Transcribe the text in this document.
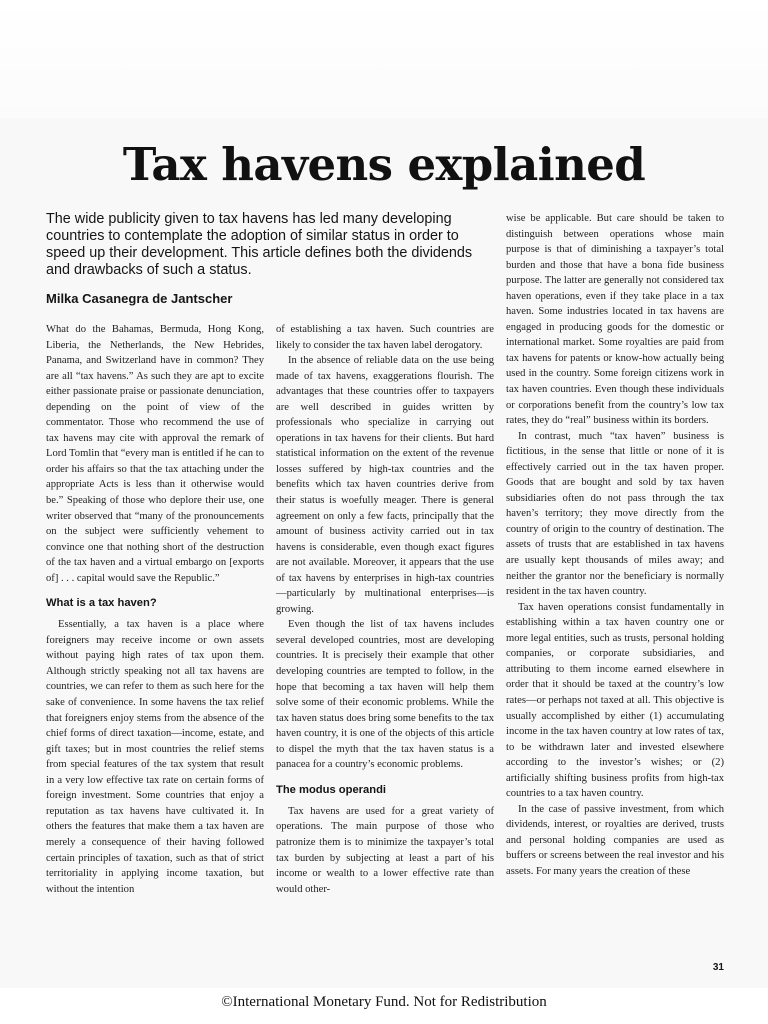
Tax havens explained
The wide publicity given to tax havens has led many developing countries to contemplate the adoption of similar status in order to speed up their development. This article defines both the dividends and drawbacks of such a status.
Milka Casanegra de Jantscher

What do the Bahamas, Bermuda, Hong Kong, Liberia, the Netherlands, the New Hebrides, Panama, and Switzerland have in common? They are all “tax havens.” As such they are apt to excite either passionate praise or passionate denunciation, depending on the point of view of the commentator. Those who recommend the use of tax havens may cite with approval the remark of Lord Tomlin that “every man is entitled if he can to order his affairs so that the tax attaching under the appropriate Acts is less than it otherwise would be.” Speaking of those who deplore their use, one writer observed that “many of the pronouncements on the subject were sufficiently vehement to convince one that nothing short of the destruction of the tax haven and a virtual embargo on [exports of] . . . capital would save the Republic.”

What is a tax haven?

Essentially, a tax haven is a place where foreigners may receive income or own assets without paying high rates of tax upon them. Although strictly speaking not all tax havens are countries, we can refer to them as such here for the sake of convenience. In some havens the tax relief that foreigners enjoy stems from the absence of the chief forms of direct taxation—income, estate, and gift taxes; but in most countries the relief stems from special features of the tax system that result in a very low effective tax rate on certain forms of foreign investment. Some countries that enjoy a reputation as tax havens have cultivated it. In others the features that make them a tax haven are merely a consequence of their having followed certain principles of taxation, such as that of strict territoriality in applying income taxation, but without the intention

of establishing a tax haven. Such countries are likely to consider the tax haven label derogatory.

In the absence of reliable data on the use being made of tax havens, exaggerations flourish. The advantages that these countries offer to taxpayers are well described in guides written by professionals who specialize in carrying out operations in tax havens for their clients. But hard statistical information on the extent of the revenue losses suffered by high-tax countries and the benefits which tax haven countries derive from their status is woefully meager. There is general agreement on only a few facts, principally that the amount of business activity carried out in tax havens is considerable, even though exact figures are not available. Moreover, it appears that the use of tax havens by enterprises in high-tax countries—particularly by multinational enterprises—is growing.

Even though the list of tax havens includes several developed countries, most are developing countries. It is precisely their example that other developing countries are tempted to follow, in the hope that becoming a tax haven will help them solve some of their economic problems. While the tax haven status does bring some benefits to the tax haven country, it is one of the objects of this article to dispel the myth that the tax haven status is a panacea for a country’s economic problems.

The modus operandi

Tax havens are used for a great variety of operations. The main purpose of those who patronize them is to minimize the taxpayer’s total tax burden by subjecting at least a part of his income or wealth to a lower effective rate than would other-

wise be applicable. But care should be taken to distinguish between operations whose main purpose is that of diminishing a taxpayer’s total burden and those that have a bona fide business purpose. The latter are generally not considered tax haven operations, even if they take place in a tax haven. Some industries located in tax havens are engaged in producing goods for the domestic or international market. Some royalties are paid from tax havens for patents or know-how actually being used in the country. Some foreign citizens work in tax haven countries. Even though these individuals or corporations benefit from the country’s low tax rates, they do “real” business within its borders.

In contrast, much “tax haven” business is fictitious, in the sense that little or none of it is effectively carried out in the tax haven proper. Goods that are bought and sold by tax haven subsidiaries often do not pass through the tax haven’s territory; they move directly from the country of origin to the country of destination. The assets of trusts that are established in tax havens are usually kept thousands of miles away; and neither the grantor nor the beneficiary is normally resident in the tax haven country.

Tax haven operations consist fundamentally in establishing within a tax haven country one or more legal entities, such as trusts, personal holding companies, or corporate subsidiaries, and attributing to them income earned elsewhere in order that it should be taxed at the country’s low rates—or perhaps not taxed at all. This objective is usually accomplished by either (1) accumulating income in the tax haven country at low rates of tax, to be withdrawn later and invested elsewhere according to the investor’s wishes; or (2) artificially shifting business profits from high-tax countries to a tax haven country.

In the case of passive investment, from which dividends, interest, or royalties are derived, trusts and personal holding companies are used as buffers or screens between the real investor and his assets. For many years the creation of these

31
©International Monetary Fund. Not for Redistribution
